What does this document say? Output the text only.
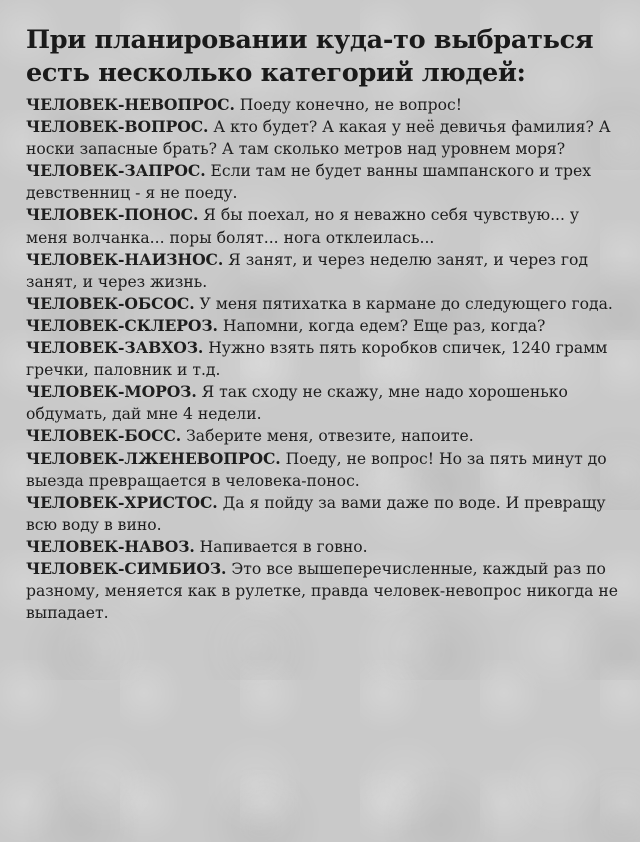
При планировании куда-то выбраться
есть несколько категорий людей:
ЧЕЛОВЕК-НЕВОПРОС. Поеду конечно, не вопрос!
ЧЕЛОВЕК-ВОПРОС. А кто будет? А какая у неё девичья фамилия? А носки запасные брать? А там сколько метров над уровнем моря?
ЧЕЛОВЕК-ЗАПРОС. Если там не будет ванны шампанского и трех девственниц - я не поеду.
ЧЕЛОВЕК-ПОНОС. Я бы поехал, но я неважно себя чувствую... у меня волчанка... поры болят... нога отклеилась...
ЧЕЛОВЕК-НАИЗНОС. Я занят, и через неделю занят, и через год занят, и через жизнь.
ЧЕЛОВЕК-ОБСОС. У меня пятихатка в кармане до следующего года.
ЧЕЛОВЕК-СКЛЕРОЗ. Напомни, когда едем? Еще раз, когда?
ЧЕЛОВЕК-ЗАВХОЗ. Нужно взять пять коробков спичек, 1240 грамм гречки, паловник и т.д.
ЧЕЛОВЕК-МОРОЗ. Я так сходу не скажу, мне надо хорошенько обдумать, дай мне 4 недели.
ЧЕЛОВЕК-БОСС. Заберите меня, отвезите, напоите.
ЧЕЛОВЕК-ЛЖЕНЕВОПРОС. Поеду, не вопрос! Но за пять минут до выезда превращается в человека-понос.
ЧЕЛОВЕК-ХРИСТОС. Да я пойду за вами даже по воде. И превращу всю воду в вино.
ЧЕЛОВЕК-НАВОЗ. Напивается в говно.
ЧЕЛОВЕК-СИМБИОЗ. Это все вышеперечисленные, каждый раз по разному, меняется как в рулетке, правда человек-невопрос никогда не выпадает.
